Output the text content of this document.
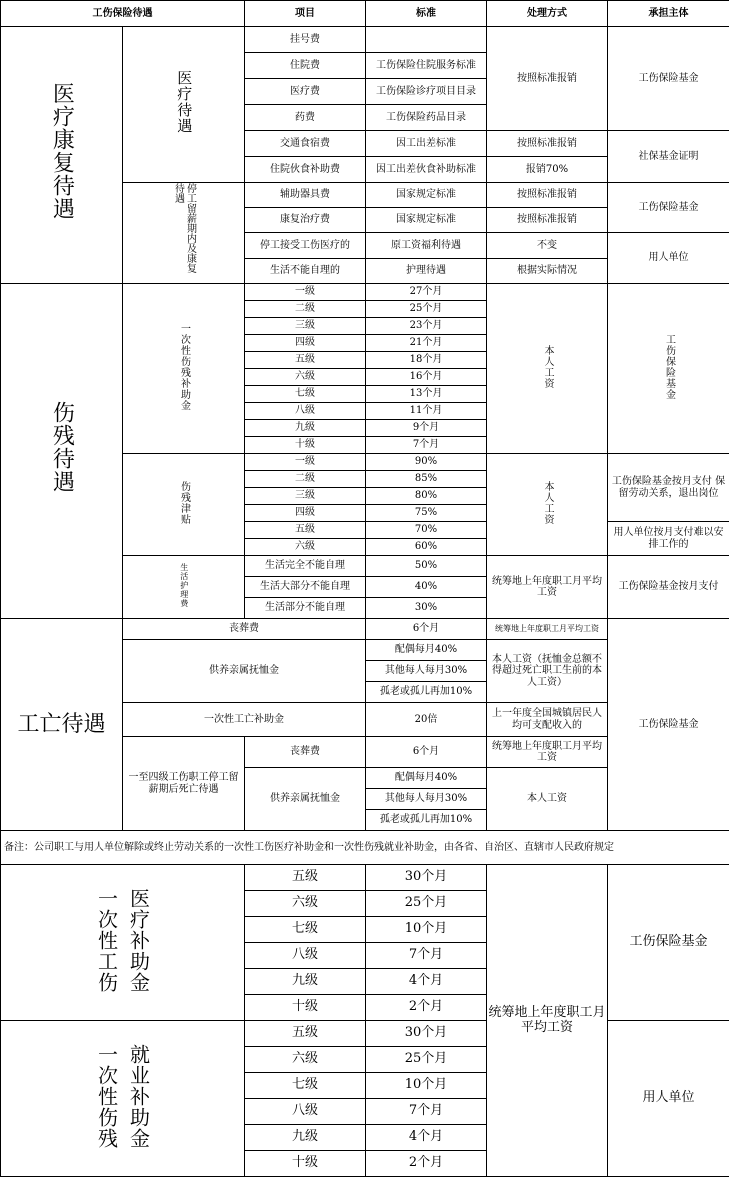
工伤保险待遇		项目	标准	处理方式	承担主体
医疗康复待遇	医疗待遇	挂号费		按照标准报销	工伤保险基金
		住院费	工伤保险住院服务标准		
		医疗费	工伤保险诊疗项目目录		
		药费	工伤保险药品目录		
		交通食宿费	因工出差标准	按照标准报销	社保基金证明
		住院伙食补助费	因工出差伙食补助标准	报销70%	
	停工留薪期内及康复待遇	辅助器具费	国家规定标准	按照标准报销	工伤保险基金
		康复治疗费	国家规定标准	按照标准报销	
		停工接受工伤医疗的	原工资福利待遇	不变	用人单位
		生活不能自理的	护理待遇	根据实际情况	
伤残待遇	一次性伤残补助金	一级	27个月	本人工资	工伤保险基金
		二级	25个月		
		三级	23个月		
		四级	21个月		
		五级	18个月		
		六级	16个月		
		七级	13个月		
		八级	11个月		
		九级	9个月		
		十级	7个月		
	伤残津贴	一级	90%	本人工资	工伤保险基金按月支付 保留劳动关系，退出岗位
		二级	85%		
		三级	80%		
		四级	75%		
		五级	70%		用人单位按月支付难以安排工作的
		六级	60%		
	生活护理费	生活完全不能自理	50%	统筹地上年度职工月平均工资	工伤保险基金按月支付
		生活大部分不能自理	40%		
		生活部分不能自理	30%		
工亡待遇	丧葬费		6个月	统筹地上年度职工月平均工资	工伤保险基金
	供养亲属抚恤金		配偶每月40%	本人工资（抚恤金总额不得超过死亡职工生前的本人工资）	
			其他每人每月30%		
			孤老或孤儿再加10%		
	一次性工亡补助金		20倍	上一年度全国城镇居民人均可支配收入的	
	一至四级工伤职工停工留薪期后死亡待遇	丧葬费	6个月	统筹地上年度职工月平均工资	

		供养亲属抚恤金	配偶每月40%	本人工资	
			其他每人每月30%		
			孤老或孤儿再加10%		
备注：公司职工与用人单位解除或终止劳动关系的一次性工伤医疗补助金和一次性伤残就业补助金，由各省、自治区、直辖市人民政府规定					

一次性工伤 医疗补助金		五级	30个月	统筹地上年度职工月平均工资	工伤保险基金
		六级	25个月		
		七级	10个月		
		八级	7个月		
		九级	4个月		
		十级	2个月		

一次性伤残 就业补助金		五级	30个月		用人单位
		六级	25个月		
		七级	10个月		
		八级	7个月		
		九级	4个月		
		十级	2个月		
